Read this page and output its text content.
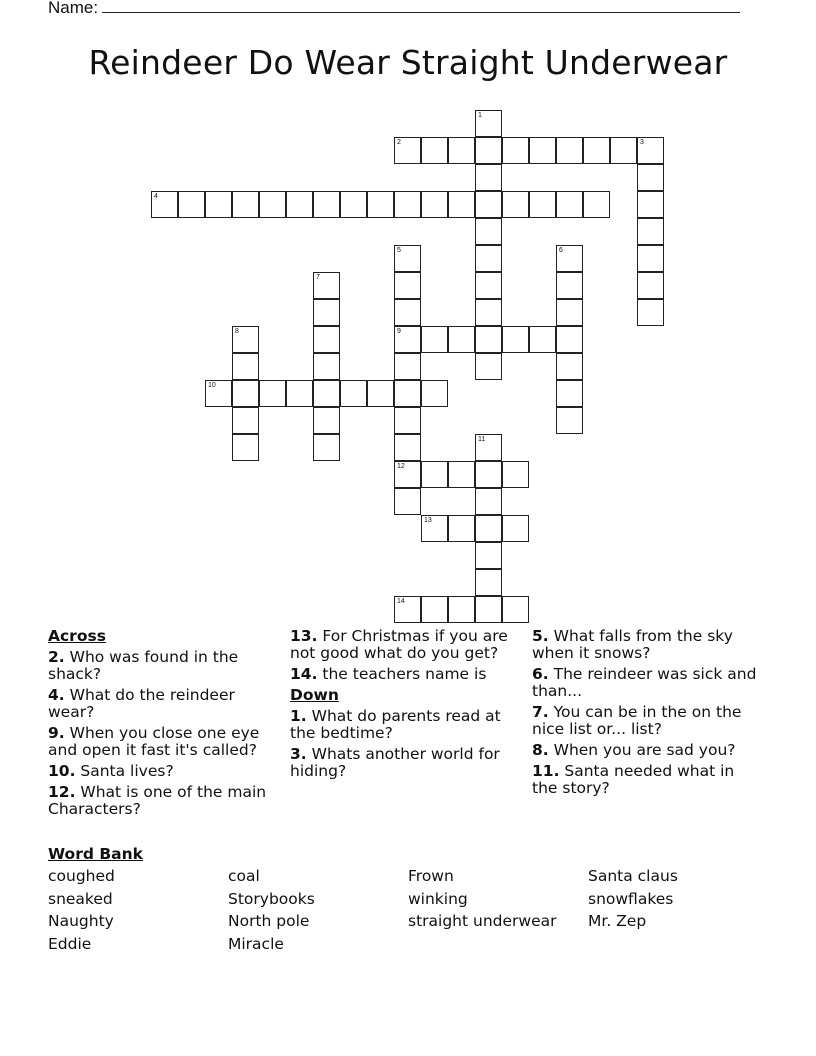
Name:
Reindeer Do Wear Straight Underwear
1
2	3
4
5
9
12
6
7
8
10
11
13
14
Across
2. Who was found in the shack?
4. What do the reindeer wear?
9. When you close one eye and open it fast it's called?
10. Santa lives?
12. What is one of the main Characters?
13. For Christmas if you are not good what do you get?
14. the teachers name is
Down
1. What do parents read at the bedtime?
3. Whats another world for hiding?
5. What falls from the sky when it snows?
6. The reindeer was sick and than...
7. You can be in the on the nice list or... list?
8. When you are sad you?
11. Santa needed what in the story?
Word Bank
coughed	coal	Frown	Santa claus
sneaked	Storybooks	winking	snowflakes
Naughty	North pole	straight underwear	Mr. Zep
Eddie	Miracle
